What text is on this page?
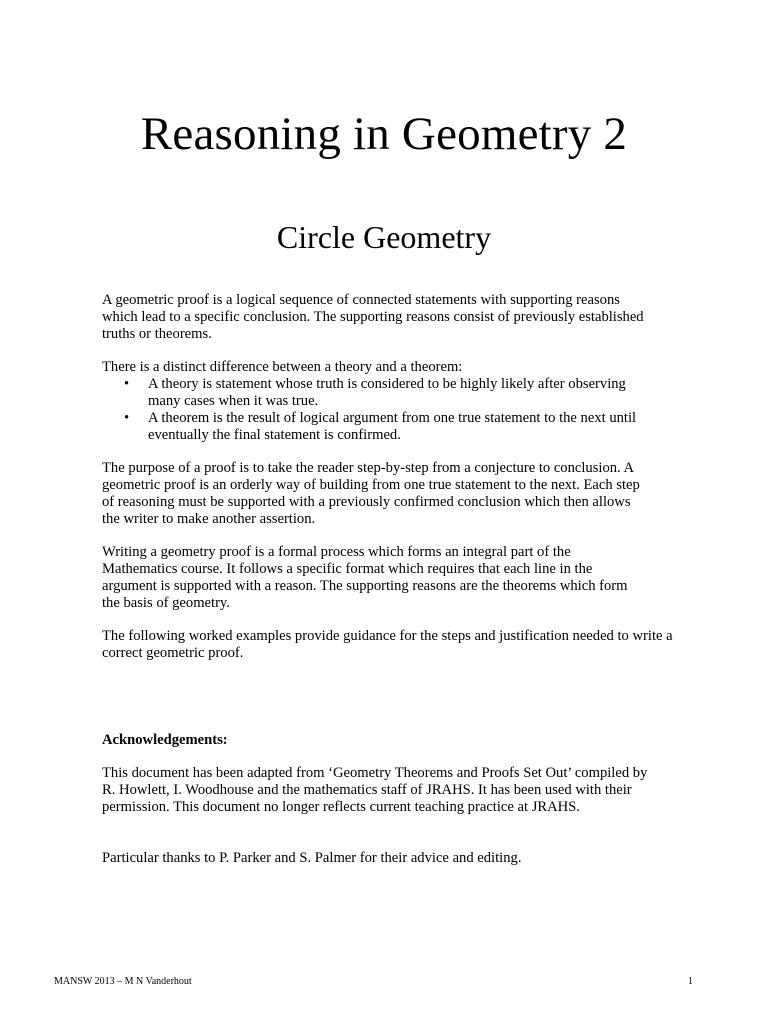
Reasoning in Geometry 2
Circle Geometry

A geometric proof is a logical sequence of connected statements with supporting reasons
which lead to a specific conclusion. The supporting reasons consist of previously established
truths or theorems.

There is a distinct difference between a theory and a theorem:

• A theory is statement whose truth is considered to be highly likely after observing
many cases when it was true.
• A theorem is the result of logical argument from one true statement to the next until
eventually the final statement is confirmed.

The purpose of a proof is to take the reader step-by-step from a conjecture to conclusion. A
geometric proof is an orderly way of building from one true statement to the next. Each step
of reasoning must be supported with a previously confirmed conclusion which then allows
the writer to make another assertion.

Writing a geometry proof is a formal process which forms an integral part of the
Mathematics course. It follows a specific format which requires that each line in the
argument is supported with a reason. The supporting reasons are the theorems which form
the basis of geometry.

The following worked examples provide guidance for the steps and justification needed to write a
correct geometric proof.

Acknowledgements:

This document has been adapted from ‘Geometry Theorems and Proofs Set Out’ compiled by
R. Howlett, I. Woodhouse and the mathematics staff of JRAHS. It has been used with their
permission. This document no longer reflects current teaching practice at JRAHS.

Particular thanks to P. Parker and S. Palmer for their advice and editing.

MANSW 2013 – M N Vanderhout	1
